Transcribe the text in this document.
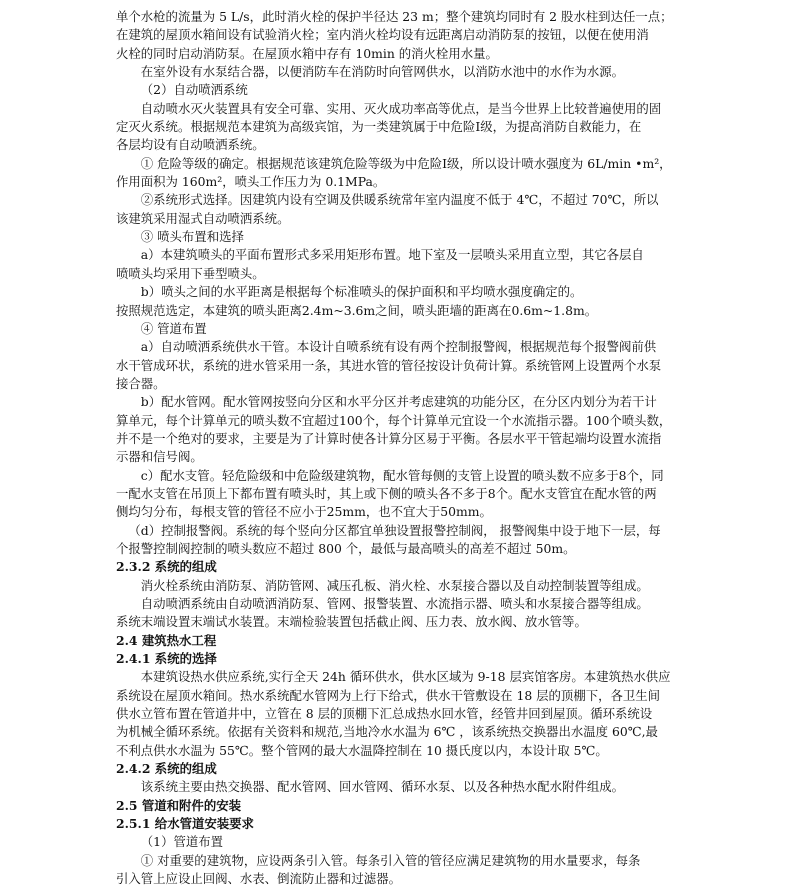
单个水枪的流量为 5 L/s，此时消火栓的保护半径达 23 m；整个建筑均同时有 2 股水柱到达任一点；
在建筑的屋顶水箱间设有试验消火栓；室内消火栓均设有远距离启动消防泵的按钮，以便在使用消
火栓的同时启动消防泵。在屋顶水箱中存有 10min 的消火栓用水量。
在室外设有水泵结合器，以便消防车在消防时向管网供水，以消防水池中的水作为水源。
（2）自动喷洒系统
自动喷水灭火装置具有安全可靠、实用、灭火成功率高等优点，是当今世界上比较普遍使用的固
定灭火系统。根据规范本建筑为高级宾馆，为一类建筑属于中危险Ⅰ级，为提高消防自救能力，在
各层均设有自动喷洒系统。
① 危险等级的确定。根据规范该建筑危险等级为中危险Ⅰ级，所以设计喷水强度为 6L/min •m²，
作用面积为 160m²，喷头工作压力为 0.1MPa。
②系统形式选择。因建筑内设有空调及供暖系统常年室内温度不低于 4℃，不超过 70℃，所以
该建筑采用湿式自动喷洒系统。
③ 喷头布置和选择
a）本建筑喷头的平面布置形式多采用矩形布置。地下室及一层喷头采用直立型，其它各层自
喷喷头均采用下垂型喷头。
b）喷头之间的水平距离是根据每个标准喷头的保护面积和平均喷水强度确定的。
按照规范选定，本建筑的喷头距离2.4m~3.6m之间，喷头距墙的距离在0.6m~1.8m。
④ 管道布置
a）自动喷洒系统供水干管。本设计自喷系统有设有两个控制报警阀，根据规范每个报警阀前供
水干管成环状，系统的进水管采用一条，其进水管的管径按设计负荷计算。系统管网上设置两个水泵
接合器。
b）配水管网。配水管网按竖向分区和水平分区并考虑建筑的功能分区，在分区内划分为若干计
算单元，每个计算单元的喷头数不宜超过100个，每个计算单元宜设一个水流指示器。100个喷头数，
并不是一个绝对的要求，主要是为了计算时使各计算分区易于平衡。各层水平干管起端均设置水流指
示器和信号阀。
c）配水支管。轻危险级和中危险级建筑物，配水管每侧的支管上设置的喷头数不应多于8个，同
一配水支管在吊顶上下都布置有喷头时，其上或下侧的喷头各不多于8个。配水支管宜在配水管的两
侧均匀分布，每根支管的管径不应小于25mm，也不宜大于50mm。
（d）控制报警阀。系统的每个竖向分区都宜单独设置报警控制阀， 报警阀集中设于地下一层，每
个报警控制阀控制的喷头数应不超过 800 个，最低与最高喷头的高差不超过 50m。
2.3.2 系统的组成
消火栓系统由消防泵、消防管网、减压孔板、消火栓、水泵接合器以及自动控制装置等组成。
自动喷洒系统由自动喷洒消防泵、管网、报警装置、水流指示器、喷头和水泵接合器等组成。
系统末端设置末端试水装置。末端检验装置包括截止阀、压力表、放水阀、放水管等。
2.4 建筑热水工程
2.4.1 系统的选择
本建筑设热水供应系统,实行全天 24h 循环供水，供水区域为 9-18 层宾馆客房。本建筑热水供应
系统设在屋顶水箱间。热水系统配水管网为上行下给式，供水干管敷设在 18 层的顶棚下，各卫生间
供水立管布置在管道井中，立管在 8 层的顶棚下汇总成热水回水管，经管井回到屋顶。循环系统设
为机械全循环系统。依据有关资料和规范,当地冷水水温为 6℃ ，该系统热交换器出水温度 60℃,最
不利点供水水温为 55℃。整个管网的最大水温降控制在 10 摄氏度以内，本设计取 5℃。
2.4.2 系统的组成
该系统主要由热交换器、配水管网、回水管网、循环水泵、以及各种热水配水附件组成。
2.5 管道和附件的安装
2.5.1 给水管道安装要求
（1）管道布置
① 对重要的建筑物，应设两条引入管。每条引入管的管径应满足建筑物的用水量要求，每条
引入管上应设止回阀、水表、倒流防止器和过滤器。
